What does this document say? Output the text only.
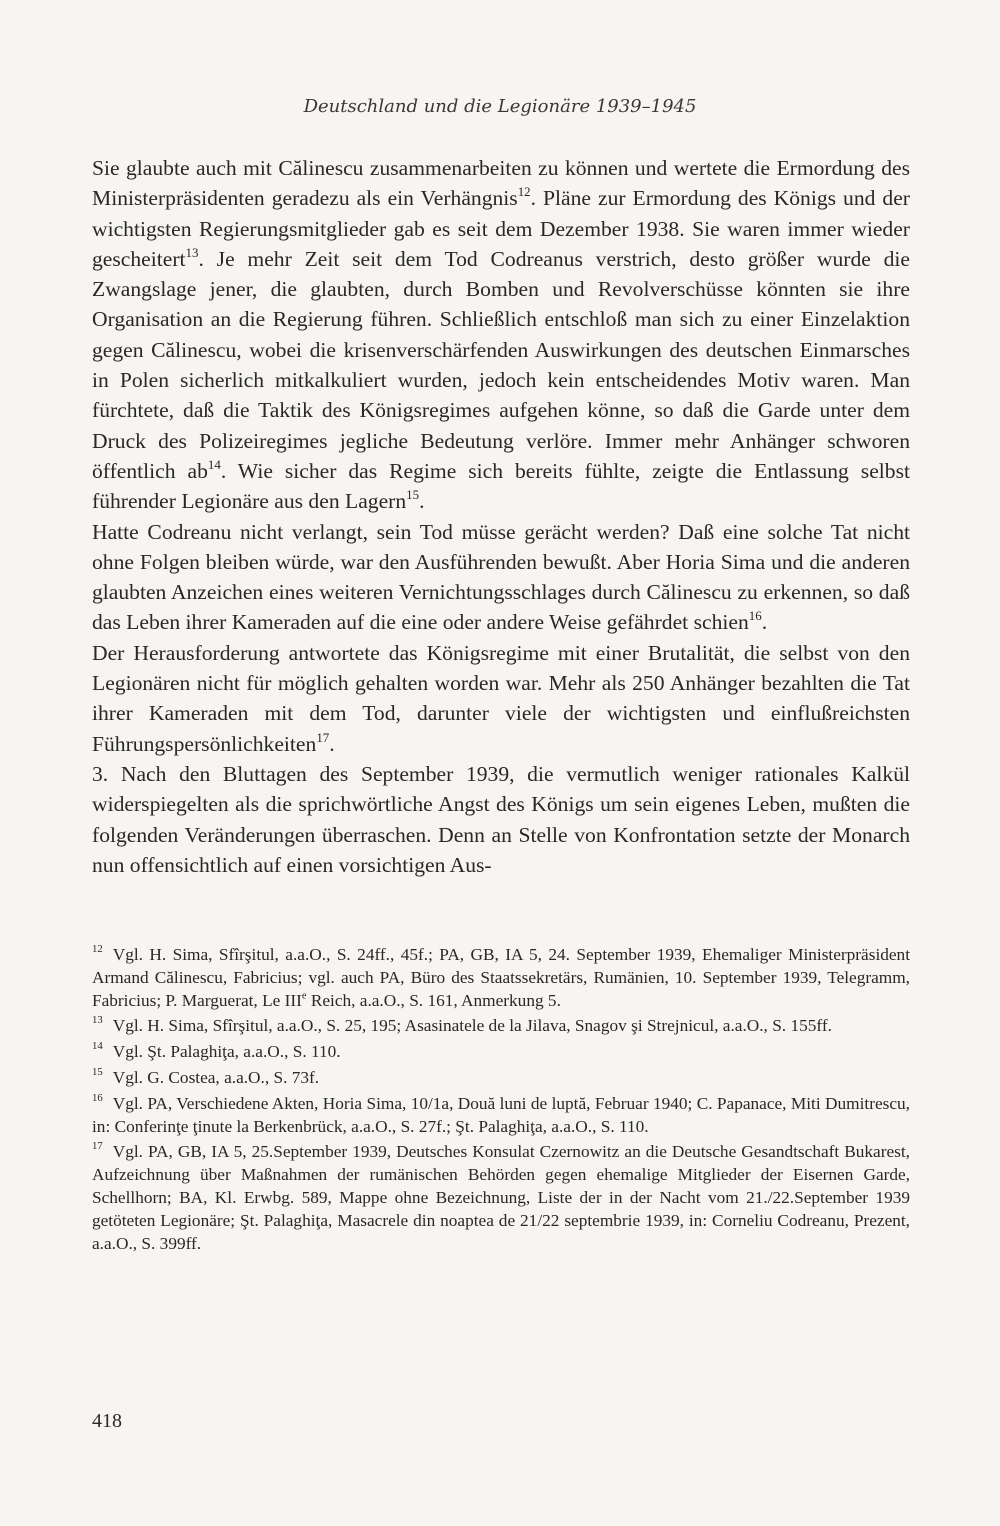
Deutschland und die Legionäre 1939–1945

Sie glaubte auch mit Călinescu zusammenarbeiten zu können und wertete die Ermordung des Ministerpräsidenten geradezu als ein Verhängnis$^{12}$. Pläne zur Ermordung des Königs und der wichtigsten Regierungsmitglieder gab es seit dem Dezember 1938. Sie waren immer wieder gescheitert$^{13}$. Je mehr Zeit seit dem Tod Codreanus verstrich, desto größer wurde die Zwangslage jener, die glaubten, durch Bomben und Revolverschüsse könnten sie ihre Organisation an die Regierung führen. Schließlich entschloß man sich zu einer Einzelaktion gegen Călinescu, wobei die krisenverschärfenden Auswirkungen des deutschen Einmarsches in Polen sicherlich mitkalkuliert wurden, jedoch kein entscheidendes Motiv waren. Man fürchtete, daß die Taktik des Königsregimes aufgehen könne, so daß die Garde unter dem Druck des Polizeiregimes jegliche Bedeutung verlöre. Immer mehr Anhänger schworen öffentlich $ab^{14}$. Wie sicher das Regime sich bereits fühlte, zeigte die Entlassung selbst führender Legionäre aus den Lagern$^{15}$.

Hatte Codreanu nicht verlangt, sein Tod müsse gerächt werden? Daß eine solche Tat nicht ohne Folgen bleiben würde, war den Ausführenden bewußt. Aber Horia Sima und die anderen glaubten Anzeichen eines weiteren Vernichtungsschlages durch Călinescu zu erkennen, so daß das Leben ihrer Kameraden auf die eine oder andere Weise gefährdet schien$^{16}$.

Der Herausforderung antwortete das Königsregime mit einer Brutalität, die selbst von den Legionären nicht für möglich gehalten worden war. Mehr als 250 Anhänger bezahlten die Tat ihrer Kameraden mit dem Tod, darunter viele der wichtigsten und einflußreichsten Führungspersönlichkeiten$^{17}$.

3. Nach den Bluttagen des September 1939, die vermutlich weniger rationales Kalkül widerspiegelten als die sprichwörtliche Angst des Königs um sein eigenes Leben, mußten die folgenden Veränderungen überraschen. Denn an Stelle von Konfrontation setzte der Monarch nun offensichtlich auf einen vorsichtigen Aus-

$^{12}$ Vgl. H. Sima, Sfîrşitul, a.a.O., S. 24ff., 45f.; PA, GB, IA 5, 24. September 1939, Ehemaliger Ministerpräsident Armand Călinescu, Fabricius; vgl. auch PA, Büro des Staatssekretärs, Rumänien, 10. September 1939, Telegramm, Fabricius; P. Marguerat, Le IIIe Reich, a.a.O., S. 161, Anmerkung 5.
$^{13}$ Vgl. H. Sima, Sfîrşitul, a.a.O., S. 25, 195; Asasinatele de la Jilava, Snagov şi Strejnicul, a.a.O., S. 155ff.
$^{14}$ Vgl. Şt. Palaghiţa, a.a.O., S. 110.
$^{15}$ Vgl. G. Costea, a.a.O., S. 73f.
$^{16}$ Vgl. PA, Verschiedene Akten, Horia Sima, 10/1a, Două luni de luptă, Februar 1940; C. Papanace, Miti Dumitrescu, in: Conferinţe ţinute la Berkenbrück, a.a.O., S. 27f.; Şt. Palaghiţa, a.a.O., S. 110.
$^{17}$ Vgl. PA, GB, IA 5, 25.September 1939, Deutsches Konsulat Czernowitz an die Deutsche Gesandtschaft Bukarest, Aufzeichnung über Maßnahmen der rumänischen Behörden gegen ehemalige Mitglieder der Eisernen Garde, Schellhorn; BA, Kl. Erwbg. 589, Mappe ohne Bezeichnung, Liste der in der Nacht vom 21./22.September 1939 getöteten Legionäre; Şt. Palaghiţa, Masacrele din noaptea de 21/22 septembrie 1939, in: Corneliu Codreanu, Prezent, a.a.O., S. 399ff.
418
